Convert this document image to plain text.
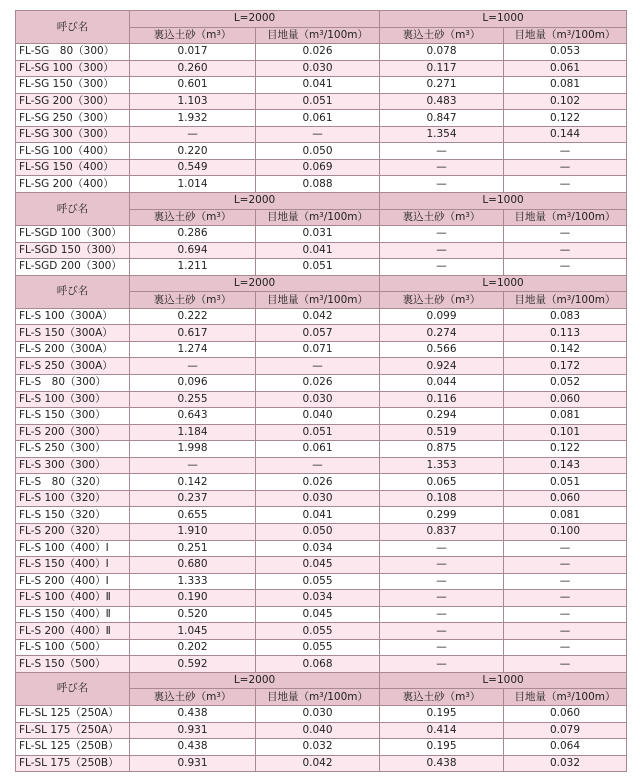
呼び名	L=2000		L=1000	
	裏込土砂$(m^3)$	目地量$(m^3/100m)$	裏込土砂$(m^3)$	目地量$(m^3/100m)$
FL-SG　80（300）	0.017	0.026	0.078	0.053
FL-SG 100（300）	0.260	0.030	0.117	0.061
FL-SG 150（300）	0.601	0.041	0.271	0.081
FL-SG 200（300）	1.103	0.051	0.483	0.102
FL-SG 250（300）	1.932	0.061	0.847	0.122
FL-SG 300（300）	—	—	1.354	0.144
FL-SG 100（400）	0.220	0.050	—	—
FL-SG 150（400）	0.549	0.069	—	—
FL-SG 200（400）	1.014	0.088	—	—
呼び名	L=2000		L=1000	
	裏込土砂$(m^3)$	目地量$(m^3/100m)$	裏込土砂$(m^3)$	目地量$(m^3/100m)$
FL-SGD 100（300）	0.286	0.031	—	—
FL-SGD 150（300）	0.694	0.041	—	—
FL-SGD 200（300）	1.211	0.051	—	—
呼び名	L=2000		L=1000	
	裏込土砂$(m^3)$	目地量$(m^3/100m)$	裏込土砂$(m^3)$	目地量$(m^3/100m)$
FL-S 100（300A）	0.222	0.042	0.099	0.083
FL-S 150（300A）	0.617	0.057	0.274	0.113
FL-S 200（300A）	1.274	0.071	0.566	0.142
FL-S 250（300A）	—	—	0.924	0.172
FL-S　80（300）	0.096	0.026	0.044	0.052
FL-S 100（300）	0.255	0.030	0.116	0.060
FL-S 150（300）	0.643	0.040	0.294	0.081
FL-S 200（300）	1.184	0.051	0.519	0.101
FL-S 250（300）	1.998	0.061	0.875	0.122
FL-S 300（300）	—	—	1.353	0.143
FL-S　80（320）	0.142	0.026	0.065	0.051
FL-S 100（320）	0.237	0.030	0.108	0.060
FL-S 150（320）	0.655	0.041	0.299	0.081
FL-S 200（320）	1.910	0.050	0.837	0.100
FL-S 100（400）Ⅰ	0.251	0.034	—	—
FL-S 150（400）Ⅰ	0.680	0.045	—	—
FL-S 200（400）Ⅰ	1.333	0.055	—	—
FL-S 100（400）Ⅱ	0.190	0.034	—	—
FL-S 150（400）Ⅱ	0.520	0.045	—	—
FL-S 200（400）Ⅱ	1.045	0.055	—	—
FL-S 100（500）	0.202	0.055	—	—
FL-S 150（500）	0.592	0.068	—	—
呼び名	L=2000		L=1000	
	裏込土砂$(m^3)$	目地量$(m^3/100m)$	裏込土砂$(m^3)$	目地量$(m^3/100m)$
FL-SL 125（250A）	0.438	0.030	0.195	0.060
FL-SL 175（250A）	0.931	0.040	0.414	0.079
FL-SL 125（250B）	0.438	0.032	0.195	0.064
FL-SL 175（250B）	0.931	0.042	0.438	0.032
